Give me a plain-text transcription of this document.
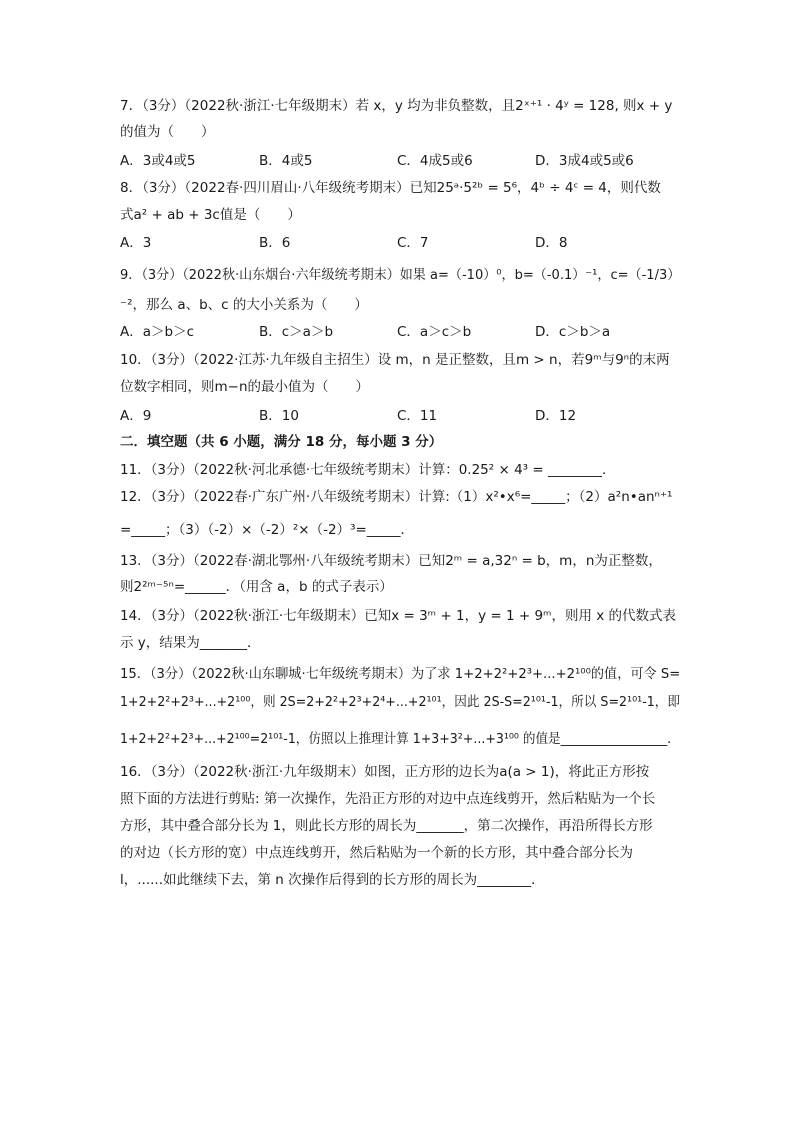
7．（3分）（2022秋·浙江·七年级期末）若 x，y 均为非负整数，且2ˣ⁺¹ · 4ʸ = 128, 则x + y
的值为（　　）
A．3或4或5	B．4或5	C．4成5或6	D．3成4或5或6
8．（3分）（2022春·四川眉山·八年级统考期末）已知25ᵃ·5²ᵇ = 5⁶，4ᵇ ÷ 4ᶜ = 4，则代数
式a² + ab + 3c值是（　　）
A．3	B．6	C．7	D．8
9．（3分）（2022秋·山东烟台·六年级统考期末）如果 a=（-10）⁰，b=（-0.1）⁻¹，c=（-1/3）
⁻²，那么 a、b、c 的大小关系为（　　）
A．a＞b＞c	B．c＞a＞b	C．a＞c＞b	D．c＞b＞a
10．（3分）（2022·江苏·九年级自主招生）设 m，n 是正整数，且m > n，若9ᵐ与9ⁿ的末两
位数字相同，则m−n的最小值为（　　）
A．9	B．10	C．11	D．12
二．填空题（共 6 小题，满分 18 分，每小题 3 分）
11．（3分）（2022秋·河北承德·七年级统考期末）计算：0.25² × 4³ = ________．
12．（3分）（2022春·广东广州·八年级统考期末）计算:（1）x²•x⁶=_____；（2）a²n•anⁿ⁺¹
=_____；（3）（-2）×（-2）²×（-2）³=_____．
13．（3分）（2022春·湖北鄂州·八年级统考期末）已知2ᵐ = a,32ⁿ = b，m，n为正整数，
则2²ᵐ⁻⁵ⁿ=______．（用含 a，b 的式子表示）
14．（3分）（2022秋·浙江·七年级期末）已知x = 3ᵐ + 1，y = 1 + 9ᵐ，则用 x 的代数式表
示 y，结果为_______．
15．（3分）（2022秋·山东聊城·七年级统考期末）为了求 1+2+2²+2³+...+2¹⁰⁰的值，可令 S=
1+2+2²+2³+...+2¹⁰⁰，则 2S=2+2²+2³+2⁴+...+2¹⁰¹，因此 2S-S=2¹⁰¹-1，所以 S=2¹⁰¹-1，即
1+2+2²+2³+...+2¹⁰⁰=2¹⁰¹-1，仿照以上推理计算 1+3+3²+...+3¹⁰⁰ 的值是_________________．
16．（3分）（2022秋·浙江·九年级期末）如图，正方形的边长为a(a > 1)，将此正方形按
照下面的方法进行剪贴: 第一次操作，先沿正方形的对边中点连线剪开，然后粘贴为一个长
方形，其中叠合部分长为 1，则此长方形的周长为_______，第二次操作，再沿所得长方形
的对边（长方形的宽）中点连线剪开，然后粘贴为一个新的长方形，其中叠合部分长为
l，......如此继续下去，第 n 次操作后得到的长方形的周长为________．
